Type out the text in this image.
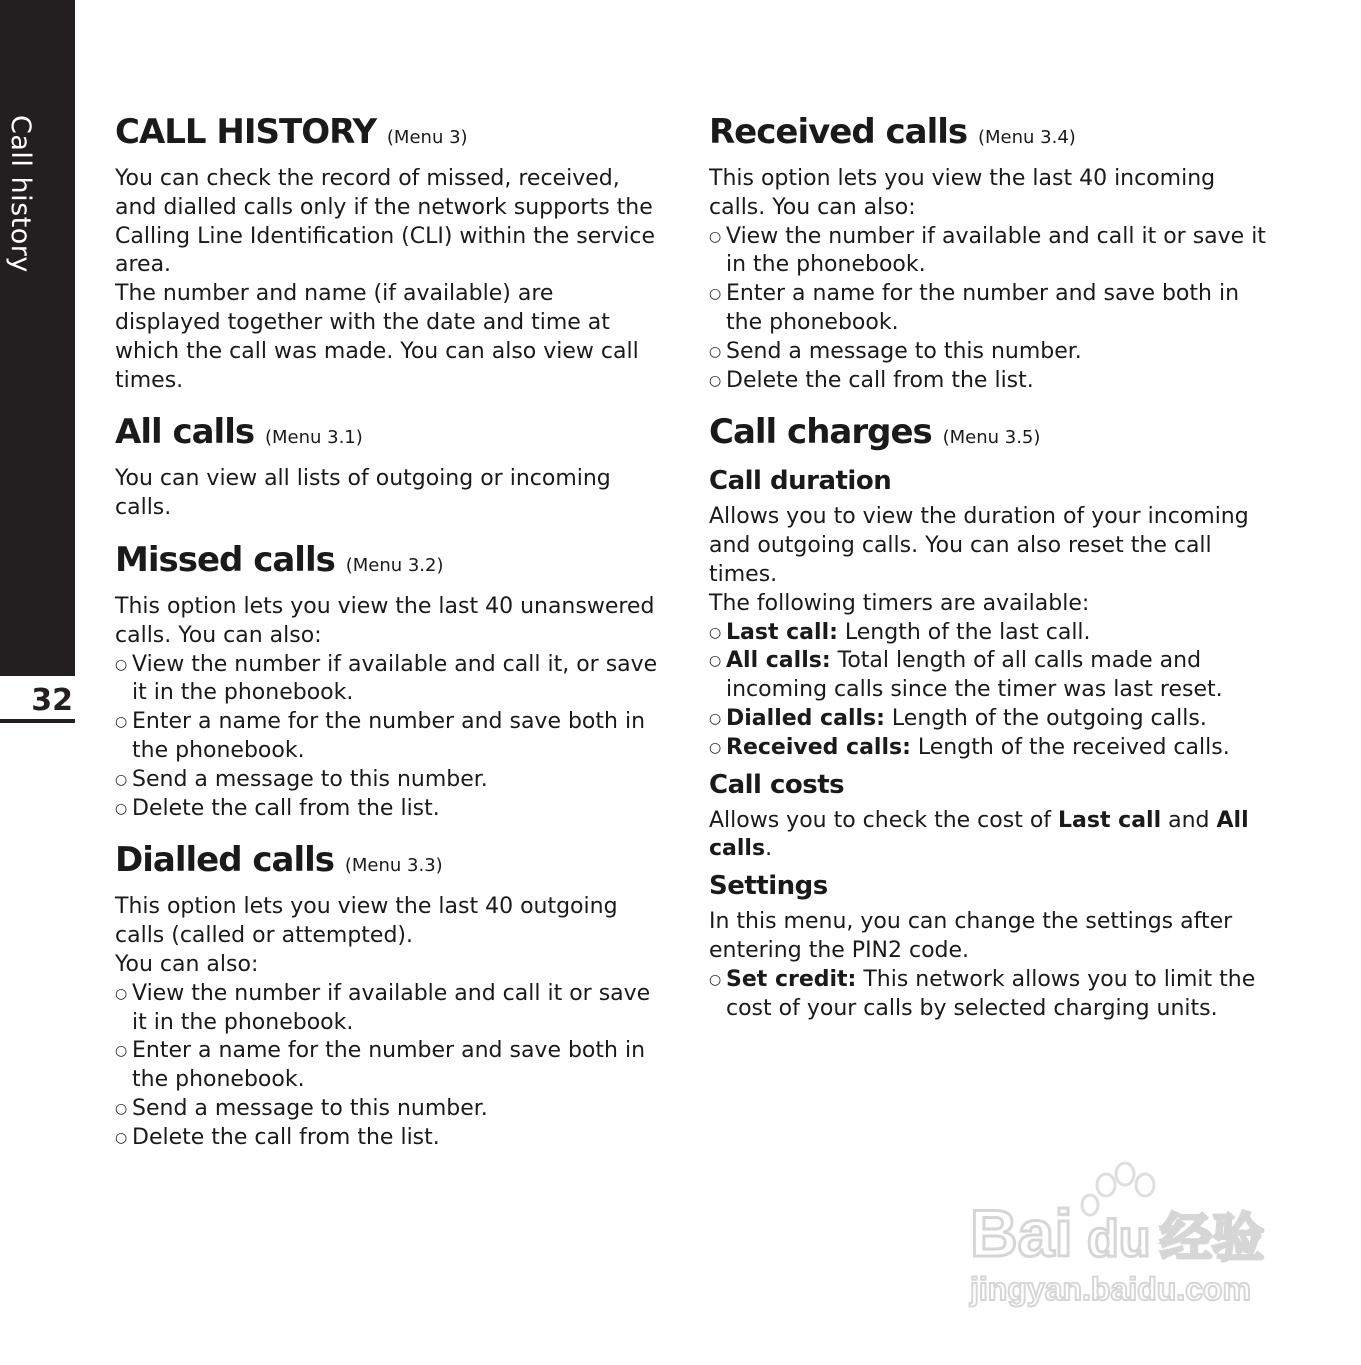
Call history
32
CALL HISTORY (Menu 3)

You can check the record of missed, received, and dialled calls only if the network supports the Calling Line Identification (CLI) within the service area.

The number and name (if available) are displayed together with the date and time at which the call was made. You can also view call times.

All calls (Menu 3.1)

You can view all lists of outgoing or incoming calls.

Missed calls (Menu 3.2)

This option lets you view the last 40 unanswered calls. You can also:

○ View the number if available and call it, or save it in the phonebook.
○ Enter a name for the number and save both in the phonebook.
○ Send a message to this number.
○ Delete the call from the list.
Dialled calls (Menu 3.3)

This option lets you view the last 40 outgoing calls (called or attempted).

You can also:

○ View the number if available and call it or save it in the phonebook.
○ Enter a name for the number and save both in the phonebook.
○ Send a message to this number.
○ Delete the call from the list.
Received calls (Menu 3.4)

This option lets you view the last 40 incoming calls. You can also:

○ View the number if available and call it or save it in the phonebook.
○ Enter a name for the number and save both in the phonebook.
○ Send a message to this number.
○ Delete the call from the list.
Call charges (Menu 3.5)
Call duration

Allows you to view the duration of your incoming and outgoing calls. You can also reset the call times.

The following timers are available:

○ Last call: Length of the last call.
○ All calls: Total length of all calls made and incoming calls since the timer was last reset.
○ Dialled calls: Length of the outgoing calls.
○ Received calls: Length of the received calls.
Call costs

Allows you to check the cost of Last call and All calls.

Settings

In this menu, you can change the settings after entering the PIN2 code.

○ Set credit: This network allows you to limit the cost of your calls by selected charging units.
Bai du 经验
jingyan.baidu.com
